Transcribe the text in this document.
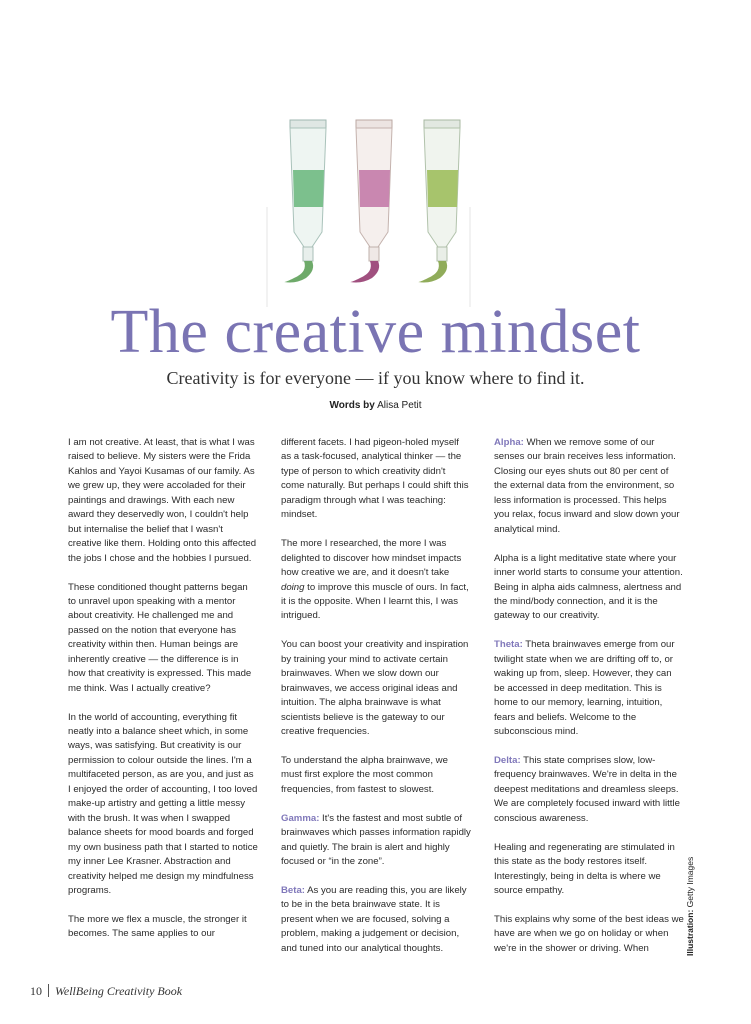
The creative mindset

Creativity is for everyone — if you know where to find it.

Words by Alisa Petit

I am not creative. At least, that is what I was raised to believe. My sisters were the Frida Kahlos and Yayoi Kusamas of our family. As we grew up, they were accoladed for their paintings and drawings. With each new award they deservedly won, I couldn't help but internalise the belief that I wasn't creative like them. Holding onto this affected the jobs I chose and the hobbies I pursued.

These conditioned thought patterns began to unravel upon speaking with a mentor about creativity. He challenged me and passed on the notion that everyone has creativity within then. Human beings are inherently creative — the difference is in how that creativity is expressed. This made me think. Was I actually creative?

In the world of accounting, everything fit neatly into a balance sheet which, in some ways, was satisfying. But creativity is our permission to colour outside the lines. I'm a multifaceted person, as are you, and just as I enjoyed the order of accounting, I too loved make-up artistry and getting a little messy with the brush. It was when I swapped balance sheets for mood boards and forged my own business path that I started to notice my inner Lee Krasner. Abstraction and creativity helped me design my mindfulness programs.

The more we flex a muscle, the stronger it becomes. The same applies to our

different facets. I had pigeon-holed myself as a task-focused, analytical thinker — the type of person to which creativity didn't come naturally. But perhaps I could shift this paradigm through what I was teaching: mindset.

The more I researched, the more I was delighted to discover how mindset impacts how creative we are, and it doesn't take doing to improve this muscle of ours. In fact, it is the opposite. When I learnt this, I was intrigued.

You can boost your creativity and inspiration by training your mind to activate certain brainwaves. When we slow down our brainwaves, we access original ideas and intuition. The alpha brainwave is what scientists believe is the gateway to our creative frequencies.

To understand the alpha brainwave, we must first explore the most common frequencies, from fastest to slowest.

Gamma: It's the fastest and most subtle of brainwaves which passes information rapidly and quietly. The brain is alert and highly focused or “in the zone”.

Beta: As you are reading this, you are likely to be in the beta brainwave state. It is present when we are focused, solving a problem, making a judgement or decision, and tuned into our analytical thoughts.

Alpha: When we remove some of our senses our brain receives less information. Closing our eyes shuts out 80 per cent of the external data from the environment, so less information is processed. This helps you relax, focus inward and slow down your analytical mind.

Alpha is a light meditative state where your inner world starts to consume your attention. Being in alpha aids calmness, alertness and the mind/body connection, and it is the gateway to our creativity.

Theta: Theta brainwaves emerge from our twilight state when we are drifting off to, or waking up from, sleep. However, they can be accessed in deep meditation. This is home to our memory, learning, intuition, fears and beliefs. Welcome to the subconscious mind.

Delta: This state comprises slow, low-frequency brainwaves. We're in delta in the deepest meditations and dreamless sleeps. We are completely focused inward with little conscious awareness.

Healing and regenerating are stimulated in this state as the body restores itself. Interestingly, being in delta is where we source empathy.

This explains why some of the best ideas we have are when we go on holiday or when we're in the shower or driving. When	Illustration: Getty Images
10 WellBeing Creativity Book
